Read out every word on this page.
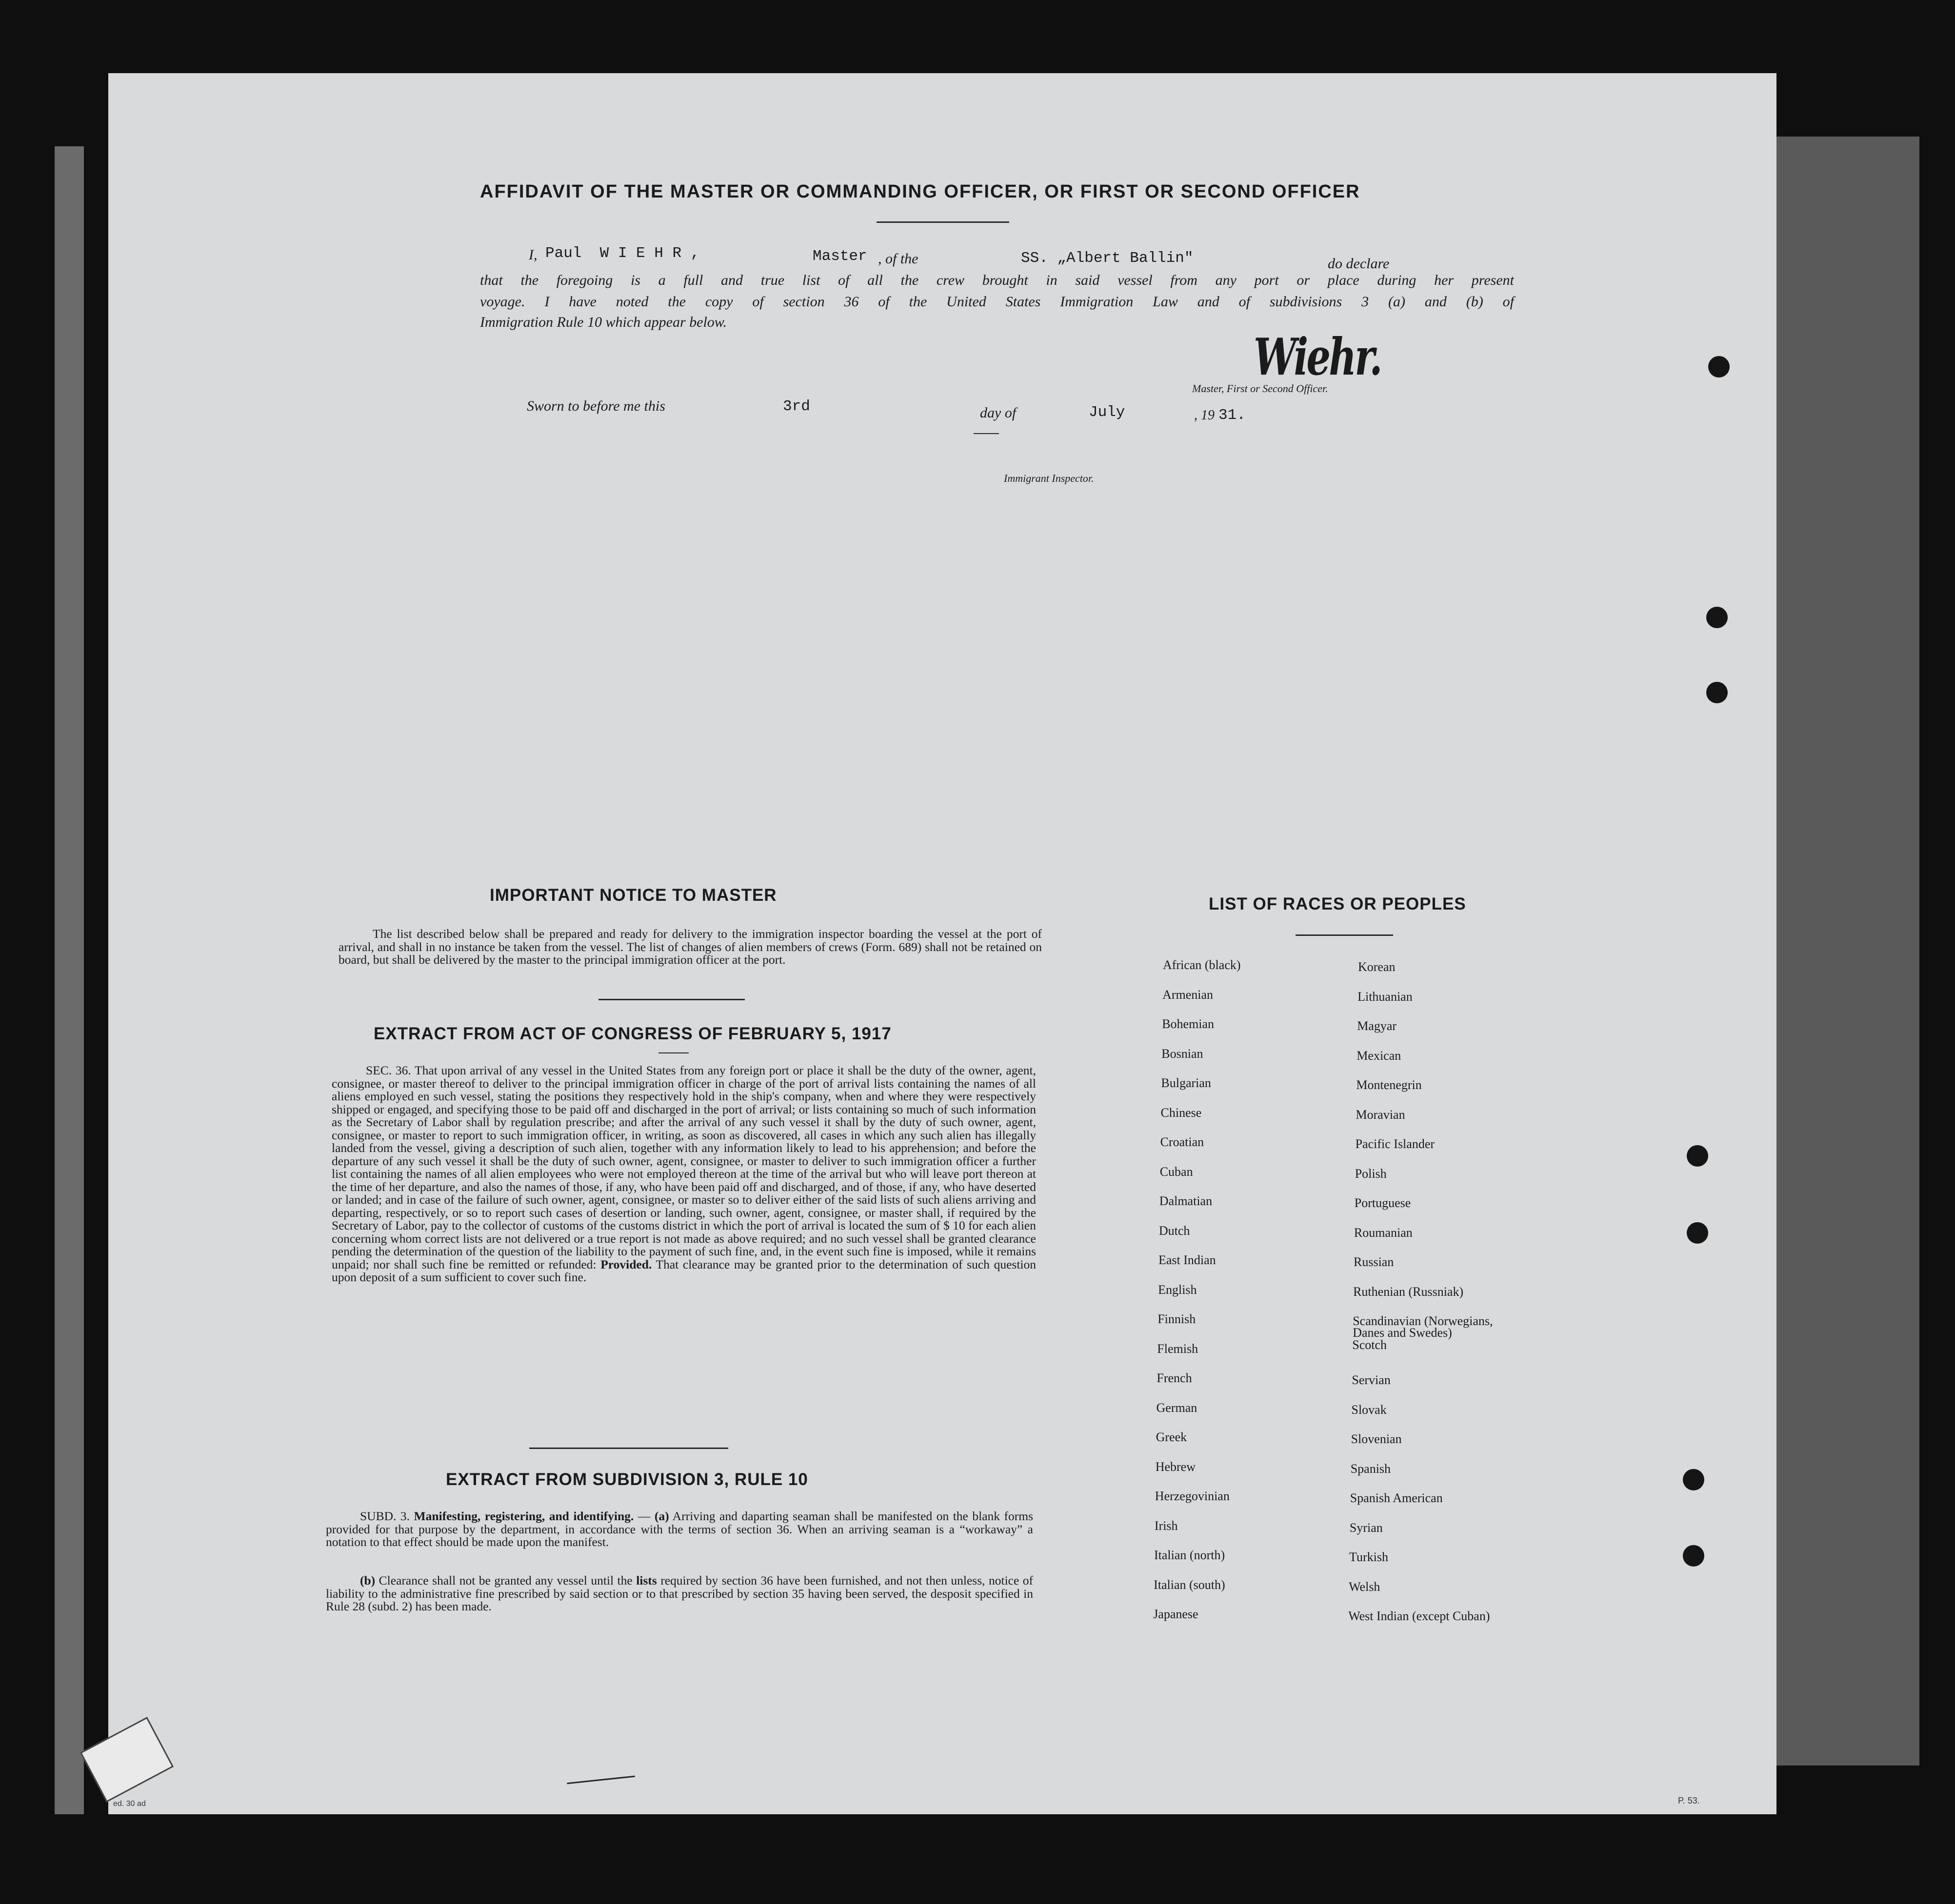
AFFIDAVIT OF THE MASTER OR COMMANDING OFFICER, OR FIRST OR SECOND OFFICER
I, Paul  W I E H R ,	Master , of the	SS. „Albert Ballin"	do declare
that the foregoing is a full and true list of all the crew brought in said vessel from any port or place during her present
voyage. I have noted the copy of section 36 of the United States Immigration Law and of subdivisions 3 (a) and (b) of
Immigration Rule 10 which appear below.
Wiehr.
Master, First or Second Officer.
Sworn to before me this	3rd	day of	July	, 19 31.
Immigrant Inspector.
IMPORTANT NOTICE TO MASTER
The list described below shall be prepared and ready for delivery to the immigration inspector boarding the vessel at the port of arrival, and shall in no instance be taken from the vessel. The list of changes of alien members of crews (Form. 689) shall not be retained on board, but shall be delivered by the master to the principal immigration officer at the port.
EXTRACT FROM ACT OF CONGRESS OF FEBRUARY 5, 1917
SEC. 36. That upon arrival of any vessel in the United States from any foreign port or place it shall be the duty of the owner, agent, consignee, or master thereof to deliver to the principal immigration officer in charge of the port of arrival lists containing the names of all aliens employed en such vessel, stating the positions they respectively hold in the ship's company, when and where they were respectively shipped or engaged, and specifying those to be paid off and discharged in the port of arrival; or lists containing so much of such information as the Secretary of Labor shall by regulation prescribe; and after the arrival of any such vessel it shall by the duty of such owner, agent, consignee, or master to report to such immigration officer, in writing, as soon as discovered, all cases in which any such alien has illegally landed from the vessel, giving a description of such alien, together with any information likely to lead to his apprehension; and before the departure of any such vessel it shall be the duty of such owner, agent, consignee, or master to deliver to such immigration officer a further list containing the names of all alien employees who were not employed thereon at the time of the arrival but who will leave port thereon at the time of her departure, and also the names of those, if any, who have been paid off and discharged, and of those, if any, who have deserted or landed; and in case of the failure of such owner, agent, consignee, or master so to deliver either of the said lists of such aliens arriving and departing, respectively, or so to report such cases of desertion or landing, such owner, agent, consignee, or master shall, if required by the Secretary of Labor, pay to the collector of customs of the customs district in which the port of arrival is located the sum of $ 10 for each alien concerning whom correct lists are not delivered or a true report is not made as above required; and no such vessel shall be granted clearance pending the determination of the question of the liability to the payment of such fine, and, in the event such fine is imposed, while it remains unpaid; nor shall such fine be remitted or refunded: Provided. That clearance may be granted prior to the determination of such question upon deposit of a sum sufficient to cover such fine.
EXTRACT FROM SUBDIVISION 3, RULE 10
SUBD. 3. Manifesting, registering, and identifying. — (a) Arriving and daparting seaman shall be manifested on the blank forms provided for that purpose by the department, in accordance with the terms of section 36. When an arriving seaman is a “workaway” a notation to that effect should be made upon the manifest.
(b) Clearance shall not be granted any vessel until the lists required by section 36 have been furnished, and not then unless, notice of liability to the administrative fine prescribed by said section or to that prescribed by section 35 having been served, the desposit specified in Rule 28 (subd. 2) has been made.
LIST OF RACES OR PEOPLES
African (black)
Armenian
Bohemian
Bosnian
Bulgarian
Chinese
Croatian
Cuban
Dalmatian
Dutch
East Indian
English
Finnish
Flemish
French
German
Greek
Hebrew
Herzegovinian
Irish
Italian (north)
Italian (south)
Japanese
Korean
Lithuanian
Magyar
Mexican
Montenegrin
Moravian
Pacific Islander
Polish
Portuguese
Roumanian
Russian
Ruthenian (Russniak)
Scandinavian (Norwegians,
Danes and Swedes)
Scotch
Servian
Slovak
Slovenian
Spanish
Spanish American
Syrian
Turkish
Welsh
West Indian (except Cuban)
ed. 30 ad	P. 53.
